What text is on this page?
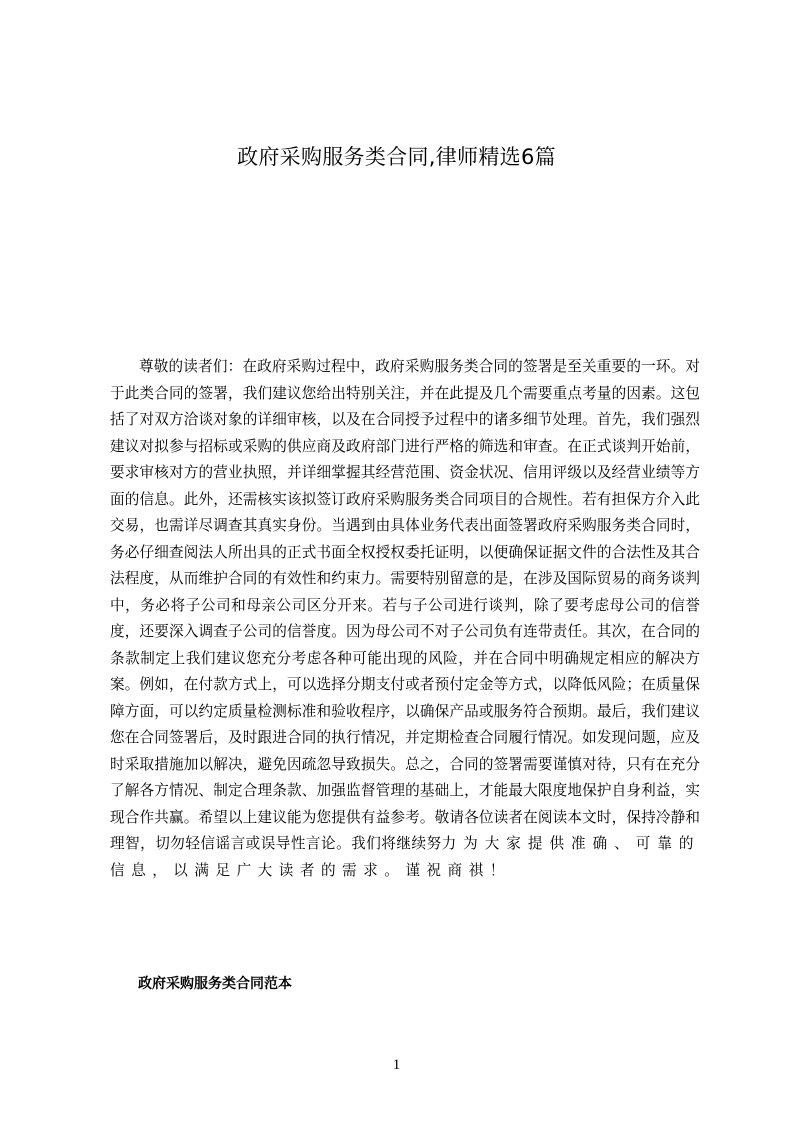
政府采购服务类合同,律师精选6篇

尊敬的读者们：在政府采购过程中，政府采购服务类合同的签署是至关重要的一环。对于此类合同的签署，我们建议您给出特别关注，并在此提及几个需要重点考量的因素。这包括了对双方洽谈对象的详细审核，以及在合同授予过程中的诸多细节处理。首先，我们强烈建议对拟参与招标或采购的供应商及政府部门进行严格的筛选和审查。在正式谈判开始前，要求审核对方的营业执照，并详细掌握其经营范围、资金状况、信用评级以及经营业绩等方面的信息。此外，还需核实该拟签订政府采购服务类合同项目的合规性。若有担保方介入此交易，也需详尽调查其真实身份。当遇到由具体业务代表出面签署政府采购服务类合同时，务必仔细查阅法人所出具的正式书面全权授权委托证明，以便确保证据文件的合法性及其合法程度，从而维护合同的有效性和约束力。需要特别留意的是，在涉及国际贸易的商务谈判中，务必将子公司和母亲公司区分开来。若与子公司进行谈判，除了要考虑母公司的信誉度，还要深入调查子公司的信誉度。因为母公司不对子公司负有连带责任。其次，在合同的条款制定上我们建议您充分考虑各种可能出现的风险，并在合同中明确规定相应的解决方案。例如，在付款方式上，可以选择分期支付或者预付定金等方式，以降低风险；在质量保障方面，可以约定质量检测标准和验收程序，以确保产品或服务符合预期。最后，我们建议您在合同签署后，及时跟进合同的执行情况，并定期检查合同履行情况。如发现问题，应及时采取措施加以解决，避免因疏忽导致损失。总之，合同的签署需要谨慎对待，只有在充分了解各方情况、制定合理条款、加强监督管理的基础上，才能最大限度地保护自身利益，实现合作共赢。希望以上建议能为您提供有益参考。敬请各位读者在阅读本文时，保持冷静和理智，切勿轻信谣言或误导性言论。我们将继续努力为大家提供准确、可靠的信息，以满足广大读者的需求。谨祝商祺！

政府采购服务类合同范本
1
